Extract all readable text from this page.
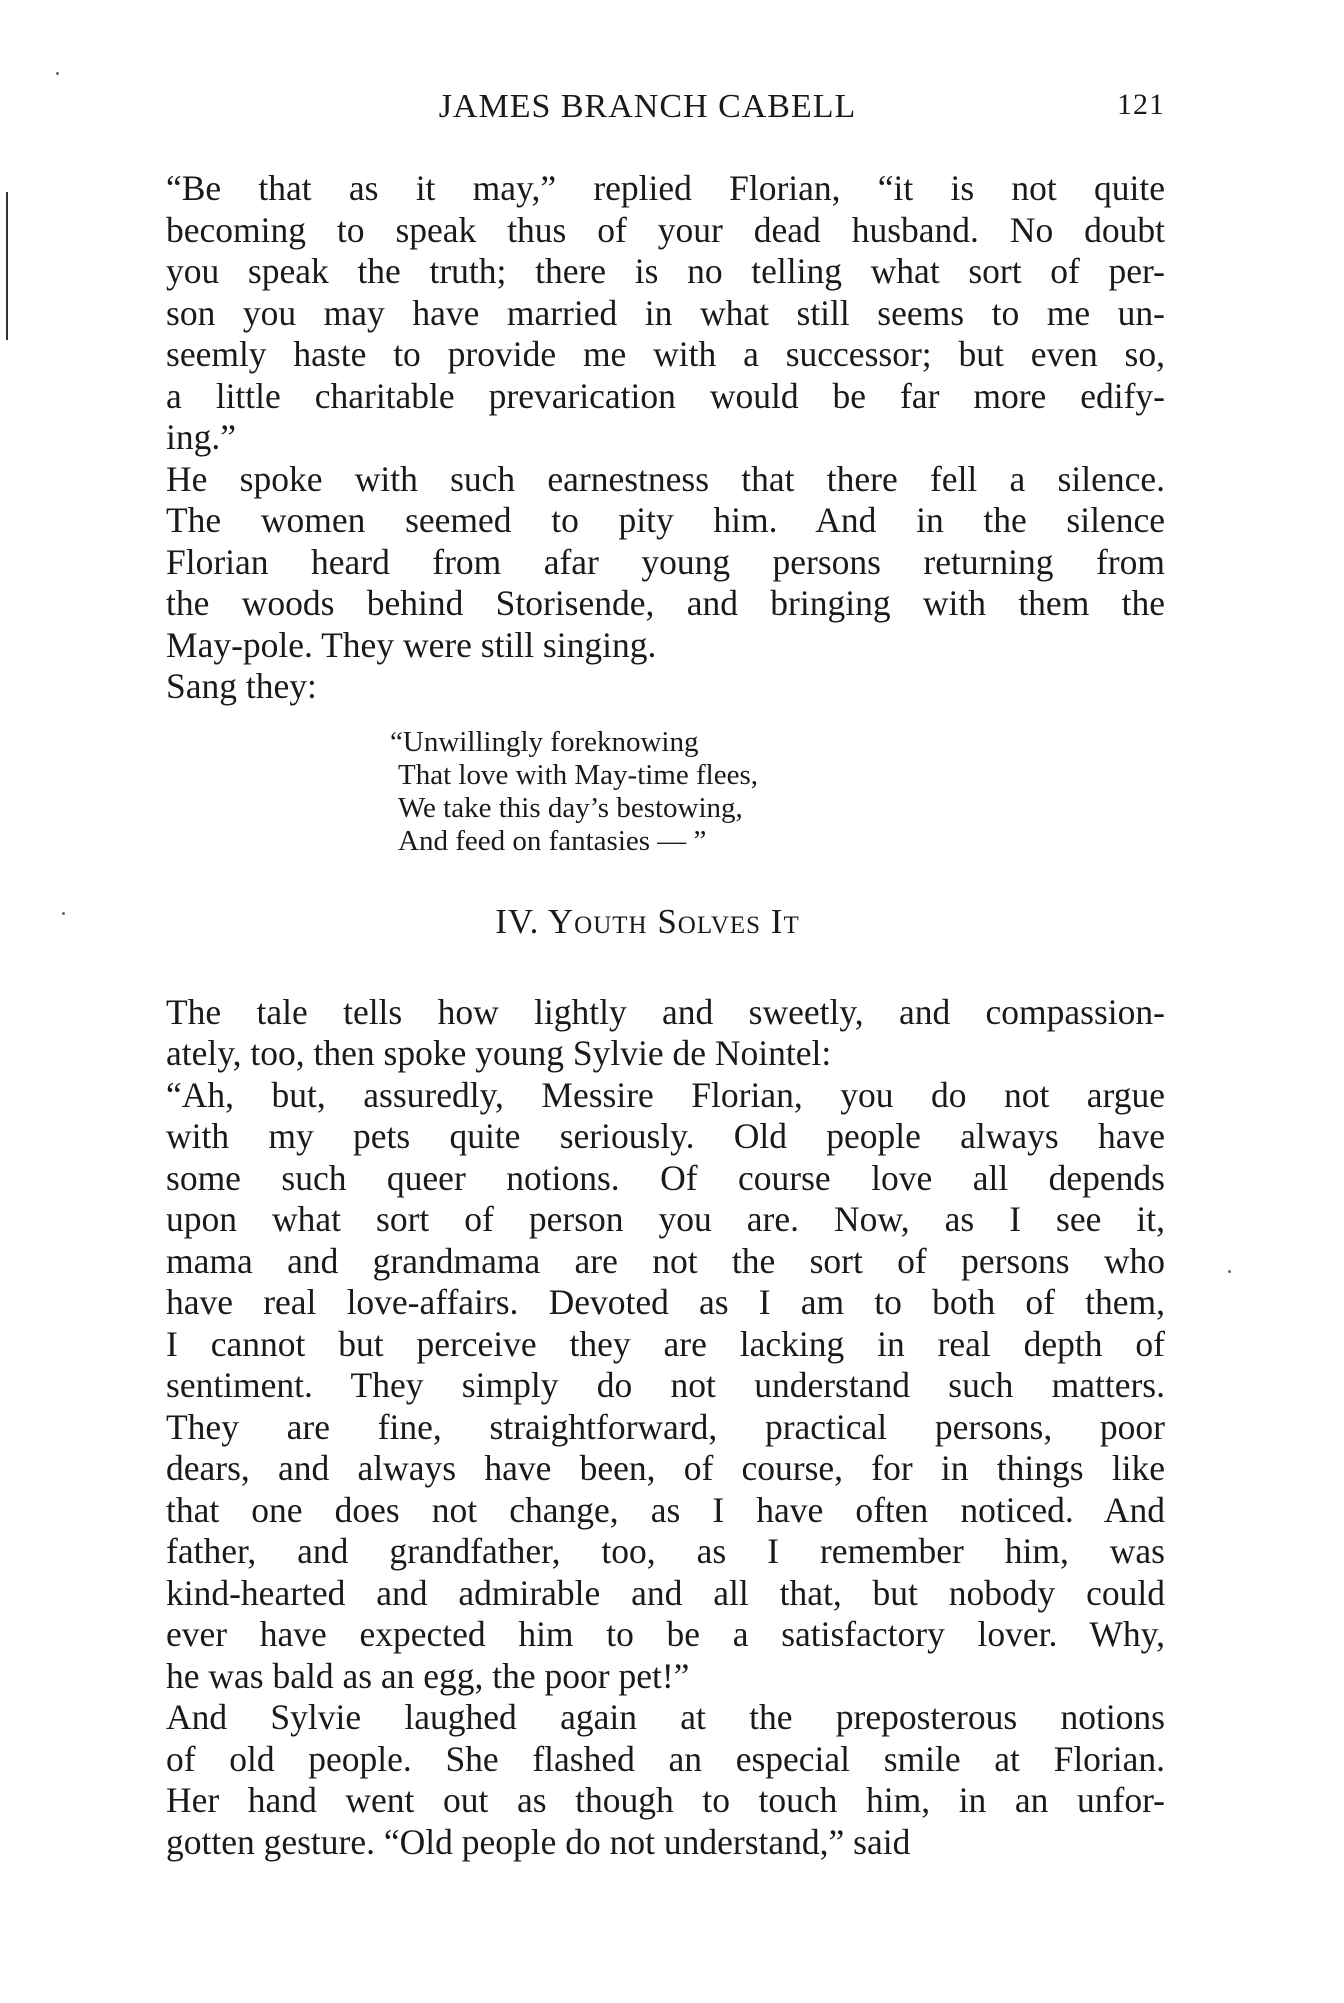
JAMES BRANCH CABELL	121
“Be that as it may,” replied Florian, “it is not quite
becoming to speak thus of your dead husband. No doubt
you speak the truth; there is no telling what sort of per-
son you may have married in what still seems to me un-
seemly haste to provide me with a successor; but even so,
a little charitable prevarication would be far more edify-
ing.”
He spoke with such earnestness that there fell a silence.
The women seemed to pity him. And in the silence
Florian heard from afar young persons returning from
the woods behind Storisende, and bringing with them the
May-pole. They were still singing.
Sang they:
“Unwillingly foreknowing
That love with May-time flees,
We take this day’s bestowing,
And feed on fantasies — ”
IV. Youth Solves It
The tale tells how lightly and sweetly, and compassion-
ately, too, then spoke young Sylvie de Nointel:
“Ah, but, assuredly, Messire Florian, you do not argue
with my pets quite seriously. Old people always have
some such queer notions. Of course love all depends
upon what sort of person you are. Now, as I see it,
mama and grandmama are not the sort of persons who
have real love-affairs. Devoted as I am to both of them,
I cannot but perceive they are lacking in real depth of
sentiment. They simply do not understand such matters.
They are fine, straightforward, practical persons, poor
dears, and always have been, of course, for in things like
that one does not change, as I have often noticed. And
father, and grandfather, too, as I remember him, was
kind-hearted and admirable and all that, but nobody could
ever have expected him to be a satisfactory lover. Why,
he was bald as an egg, the poor pet!”
And Sylvie laughed again at the preposterous notions
of old people. She flashed an especial smile at Florian.
Her hand went out as though to touch him, in an unfor-
gotten gesture. “Old people do not understand,” said
